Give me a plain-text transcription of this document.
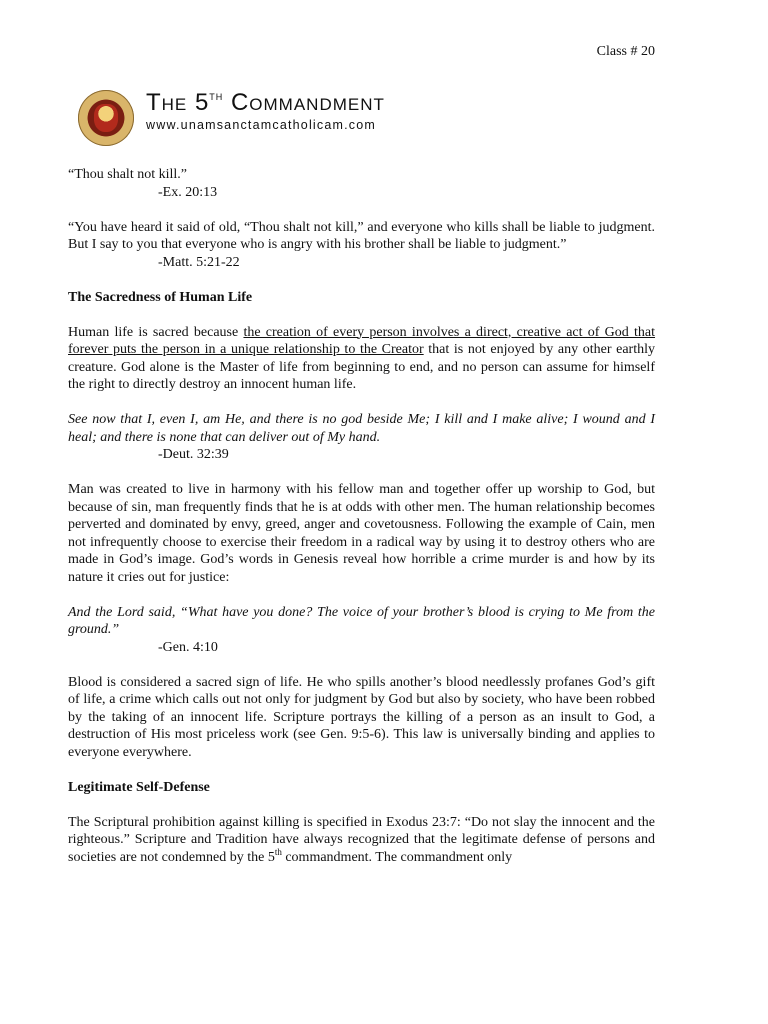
Class # 20
The 5th Commandment
www.unamsanctamcatholicam.com

“Thou shalt not kill.”
-Ex. 20:13

“You have heard it said of old, “Thou shalt not kill,” and everyone who kills shall be liable to judgment. But I say to you that everyone who is angry with his brother shall be liable to judgment.”
-Matt. 5:21-22

The Sacredness of Human Life

Human life is sacred because the creation of every person involves a direct, creative act of God that forever puts the person in a unique relationship to the Creator that is not enjoyed by any other earthly creature. God alone is the Master of life from beginning to end, and no person can assume for himself the right to directly destroy an innocent human life.

See now that I, even I, am He, and there is no god beside Me; I kill and I make alive; I wound and I heal; and there is none that can deliver out of My hand.
-Deut. 32:39

Man was created to live in harmony with his fellow man and together offer up worship to God, but because of sin, man frequently finds that he is at odds with other men. The human relationship becomes perverted and dominated by envy, greed, anger and covetousness. Following the example of Cain, men not infrequently choose to exercise their freedom in a radical way by using it to destroy others who are made in God’s image. God’s words in Genesis reveal how horrible a crime murder is and how by its nature it cries out for justice:

And the Lord said, “What have you done? The voice of your brother’s blood is crying to Me from the ground.”
-Gen. 4:10

Blood is considered a sacred sign of life. He who spills another’s blood needlessly profanes God’s gift of life, a crime which calls out not only for judgment by God but also by society, who have been robbed by the taking of an innocent life. Scripture portrays the killing of a person as an insult to God, a destruction of His most priceless work (see Gen. 9:5-6). This law is universally binding and applies to everyone everywhere.

Legitimate Self-Defense

The Scriptural prohibition against killing is specified in Exodus 23:7: “Do not slay the innocent and the righteous.” Scripture and Tradition have always recognized that the legitimate defense of persons and societies are not condemned by the 5th commandment. The commandment only
